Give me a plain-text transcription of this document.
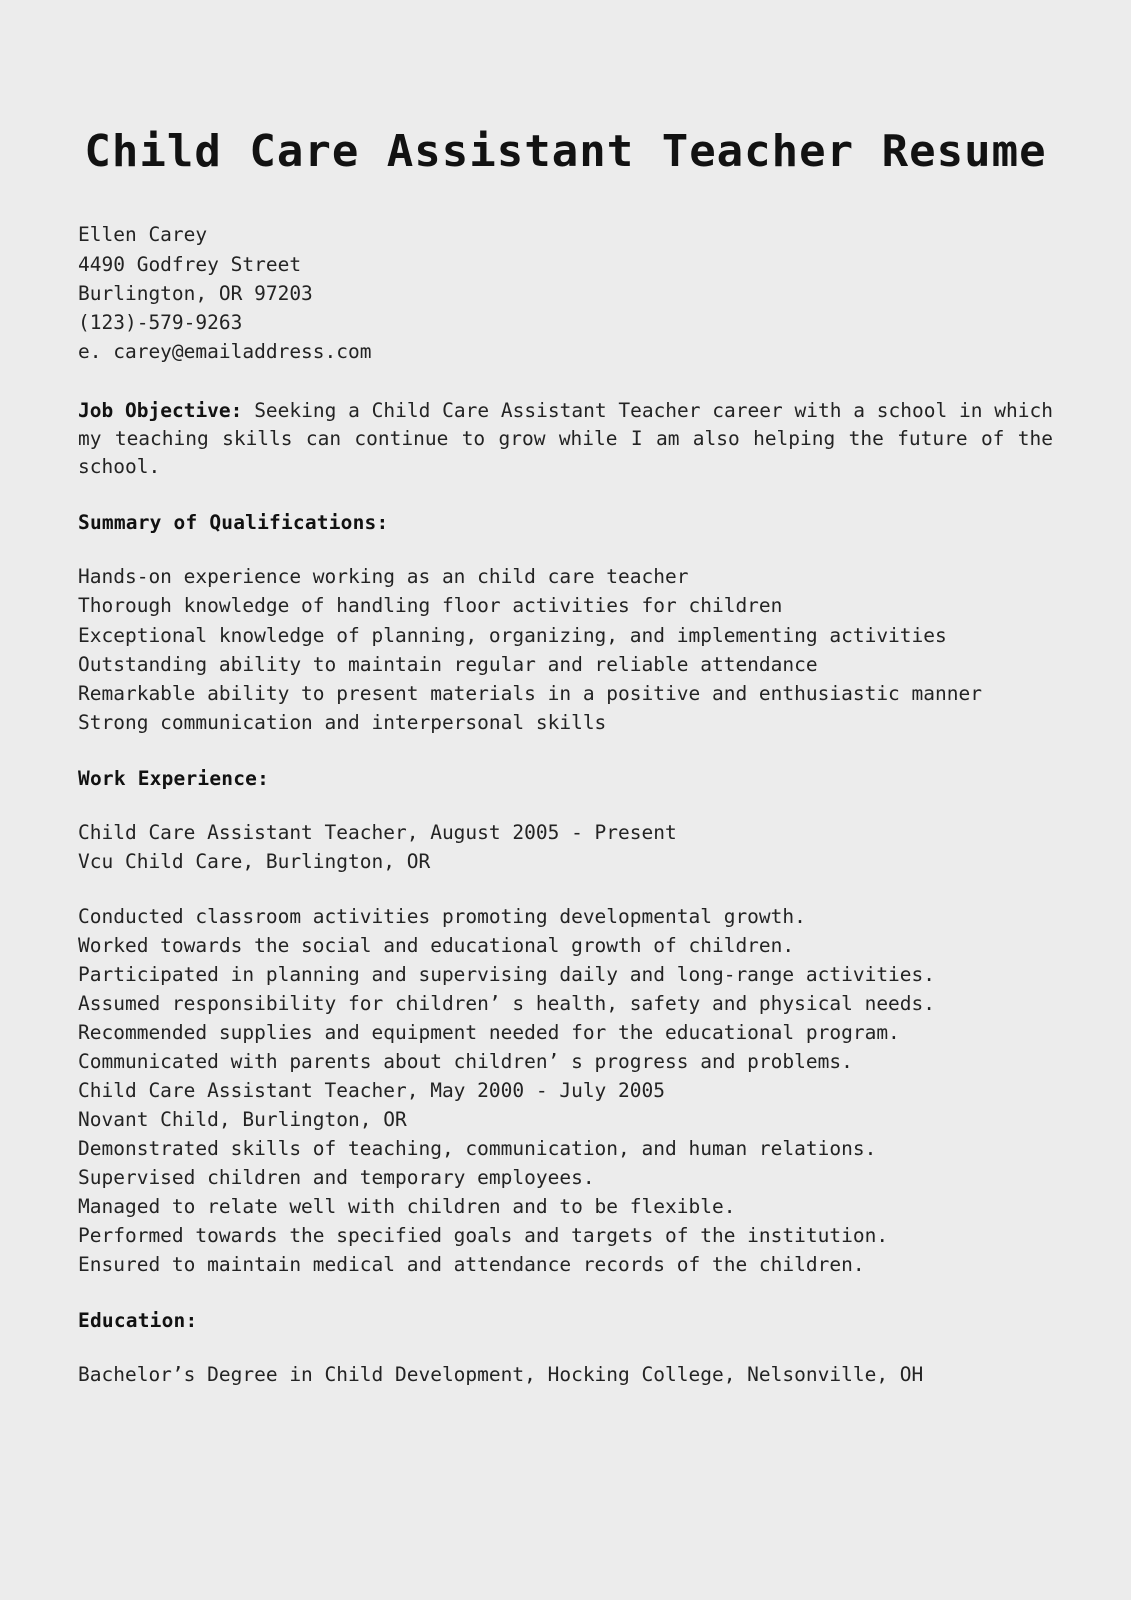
Child Care Assistant Teacher Resume
Ellen Carey
4490 Godfrey Street
Burlington, OR 97203
(123)-579-9263
e. carey@emailaddress.com
Job Objective: Seeking a Child Care Assistant Teacher career with a school in which my teaching skills can continue to grow while I am also helping the future of the school.
Summary of Qualifications:
Hands-on experience working as an child care teacher
Thorough knowledge of handling floor activities for children
Exceptional knowledge of planning, organizing, and implementing activities
Outstanding ability to maintain regular and reliable attendance
Remarkable ability to present materials in a positive and enthusiastic manner
Strong communication and interpersonal skills
Work Experience:
Child Care Assistant Teacher, August 2005 - Present
Vcu Child Care, Burlington, OR
Conducted classroom activities promoting developmental growth.
Worked towards the social and educational growth of children.
Participated in planning and supervising daily and long-range activities.
Assumed responsibility for children’ s health, safety and physical needs.
Recommended supplies and equipment needed for the educational program.
Communicated with parents about children’ s progress and problems.
Child Care Assistant Teacher, May 2000 - July 2005
Novant Child, Burlington, OR
Demonstrated skills of teaching, communication, and human relations.
Supervised children and temporary employees.
Managed to relate well with children and to be flexible.
Performed towards the specified goals and targets of the institution.
Ensured to maintain medical and attendance records of the children.
Education:
Bachelor’s Degree in Child Development, Hocking College, Nelsonville, OH
